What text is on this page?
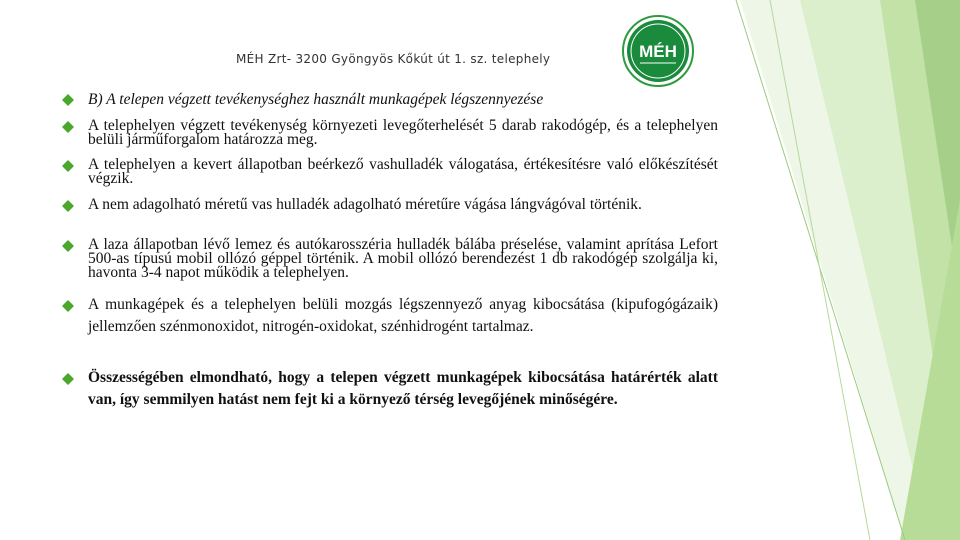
MÉH Zrt- 3200 Gyöngyös Kőkút út 1. sz. telephely	MÉH
B) A telepen végzett tevékenységhez használt munkagépek légszennyezése
A telephelyen végzett tevékenység környezeti levegőterhelését 5 darab rakodógép, és a telephelyen belüli járműforgalom határozza meg.
A telephelyen a kevert állapotban beérkező vashulladék válogatása, értékesítésre való előkészítését végzik.
A nem adagolható méretű vas hulladék adagolható méretűre vágása lángvágóval történik.
A laza állapotban lévő lemez és autókarosszéria hulladék bálába préselése, valamint aprítása Lefort 500-as típusú mobil ollózó géppel történik. A mobil ollózó berendezést 1 db rakodógép szolgálja ki, havonta 3-4 napot működik a telephelyen.
A munkagépek és a telephelyen belüli mozgás légszennyező anyag kibocsátása (kipufogógázaik) jellemzően szénmonoxidot, nitrogén-oxidokat, szénhidrogént tartalmaz.
Összességében elmondható, hogy a telepen végzett munkagépek kibocsátása határérték alatt van, így semmilyen hatást nem fejt ki a környező térség levegőjének minőségére.
